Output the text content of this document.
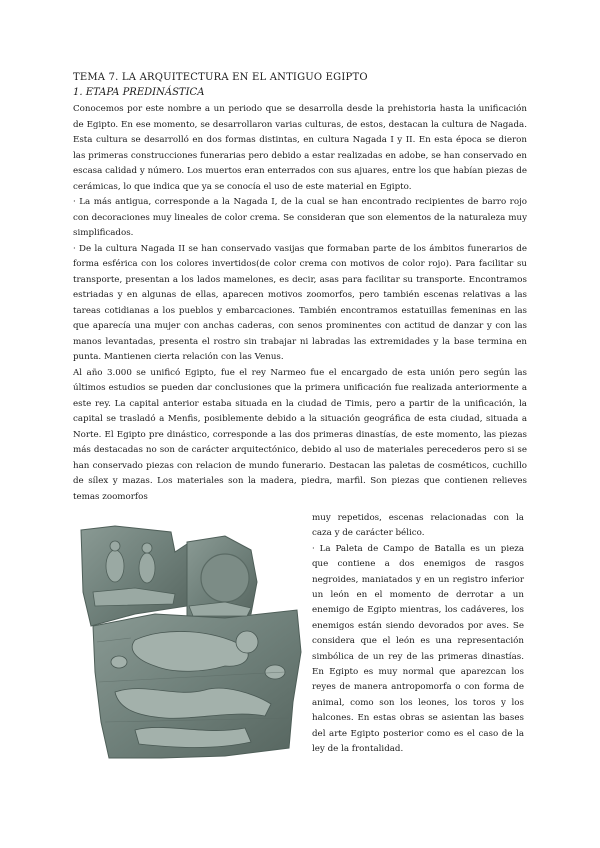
TEMA 7. LA ARQUITECTURA EN EL ANTIGUO EGIPTO
1. ETAPA PREDINÁSTICA

Conocemos por este nombre a un periodo que se desarrolla desde la prehistoria hasta la unificación de Egipto. En ese momento, se desarrollaron varias culturas, de estos, destacan la cultura de Nagada. Esta cultura se desarrolló en dos formas distintas, en cultura Nagada I y II. En esta época se dieron las primeras construcciones funerarias pero debido a estar realizadas en adobe, se han conservado en escasa calidad y número. Los muertos eran enterrados con sus ajuares, entre los que habían piezas de cerámicas, lo que indica que ya se conocía el uso de este material en Egipto.

· La más antigua, corresponde a la Nagada I, de la cual se han encontrado recipientes de barro rojo con decoraciones muy lineales de color crema. Se consideran que son elementos de la naturaleza muy simplificados.

· De la cultura Nagada II se han conservado vasijas que formaban parte de los ámbitos funerarios de forma esférica con los colores invertidos(de color crema con motivos de color rojo). Para facilitar su transporte, presentan a los lados mamelones, es decir, asas para facilitar su transporte. Encontramos estriadas y en algunas de ellas, aparecen motivos zoomorfos, pero también escenas relativas a las tareas cotidianas a los pueblos y embarcaciones. También encontramos estatuillas femeninas en las que aparecía una mujer con anchas caderas, con senos prominentes con actitud de danzar y con las manos levantadas, presenta el rostro sin trabajar ni labradas las extremidades y la base termina en punta. Mantienen cierta relación con las Venus.

Al año 3.000 se unificó Egipto, fue el rey Narmeo fue el encargado de esta unión pero según las últimos estudios se pueden dar conclusiones que la primera unificación fue realizada anteriormente a este rey. La capital anterior estaba situada en la ciudad de Timis, pero a partir de la unificación, la capital se trasladó a Menfis, posiblemente debido a la situación geográfica de esta ciudad, situada a Norte. El Egipto pre dinástico, corresponde a las dos primeras dinastías, de este momento, las piezas más destacadas no son de carácter arquitectónico, debido al uso de materiales perecederos pero si se han conservado piezas con relacion de mundo funerario. Destacan las paletas de cosméticos, cuchillo de sílex y mazas. Los materiales son la madera, piedra, marfil. Son piezas que contienen relieves temas zoomorfos

muy repetidos, escenas relacionadas con la caza y de carácter bélico.

· La Paleta de Campo de Batalla es un pieza que contiene a dos enemigos de rasgos negroides, maniatados y en un registro inferior un león en el momento de derrotar a un enemigo de Egipto mientras, los cadáveres, los enemigos están siendo devorados por aves. Se considera que el león es una representación simbólica de un rey de las primeras dinastías. En Egipto es muy normal que aparezcan los reyes de manera antropomorfa o con forma de animal, como son los leones, los toros y los halcones. En estas obras se asientan las bases del arte Egipto posterior como es el caso de la ley de la frontalidad.
